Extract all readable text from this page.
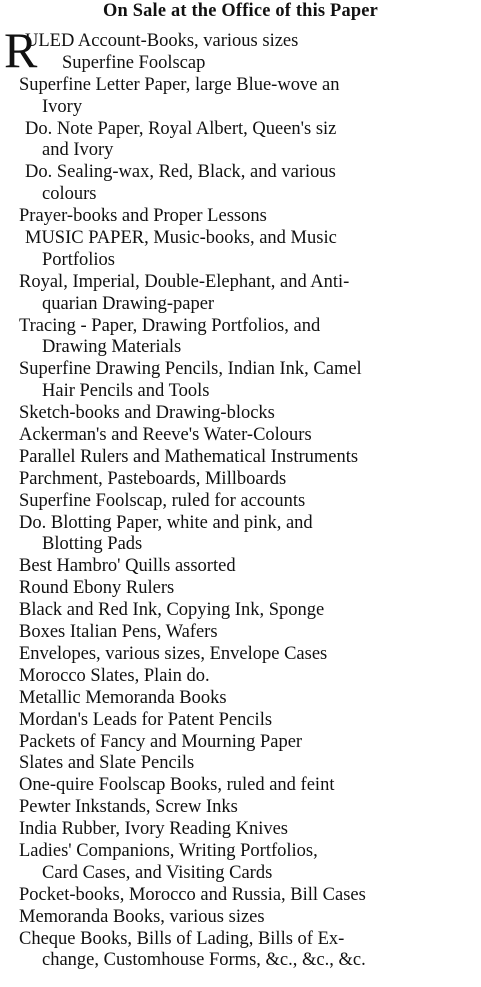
On Sale at the Office of this Paper
R
ULED Account-Books, various sizes
Superfine Foolscap
Superfine Letter Paper, large Blue-wove an
Ivory
Do. Note Paper, Royal Albert, Queen's siz
and Ivory
Do. Sealing-wax, Red, Black, and various
colours
Prayer-books and Proper Lessons
MUSIC PAPER, Music-books, and Music
Portfolios
Royal, Imperial, Double-Elephant, and Anti-
quarian Drawing-paper
Tracing - Paper, Drawing Portfolios, and
Drawing Materials
Superfine Drawing Pencils, Indian Ink, Camel
Hair Pencils and Tools
Sketch-books and Drawing-blocks
Ackerman's and Reeve's Water-Colours
Parallel Rulers and Mathematical Instruments
Parchment, Pasteboards, Millboards
Superfine Foolscap, ruled for accounts
Do. Blotting Paper, white and pink, and
Blotting Pads
Best Hambro' Quills assorted
Round Ebony Rulers
Black and Red Ink, Copying Ink, Sponge
Boxes Italian Pens, Wafers
Envelopes, various sizes, Envelope Cases
Morocco Slates, Plain do.
Metallic Memoranda Books
Mordan's Leads for Patent Pencils
Packets of Fancy and Mourning Paper
Slates and Slate Pencils
One-quire Foolscap Books, ruled and feint
Pewter Inkstands, Screw Inks
India Rubber, Ivory Reading Knives
Ladies' Companions, Writing Portfolios,
Card Cases, and Visiting Cards
Pocket-books, Morocco and Russia, Bill Cases
Memoranda Books, various sizes
Cheque Books, Bills of Lading, Bills of Ex-
change, Customhouse Forms, &c., &c., &c.
